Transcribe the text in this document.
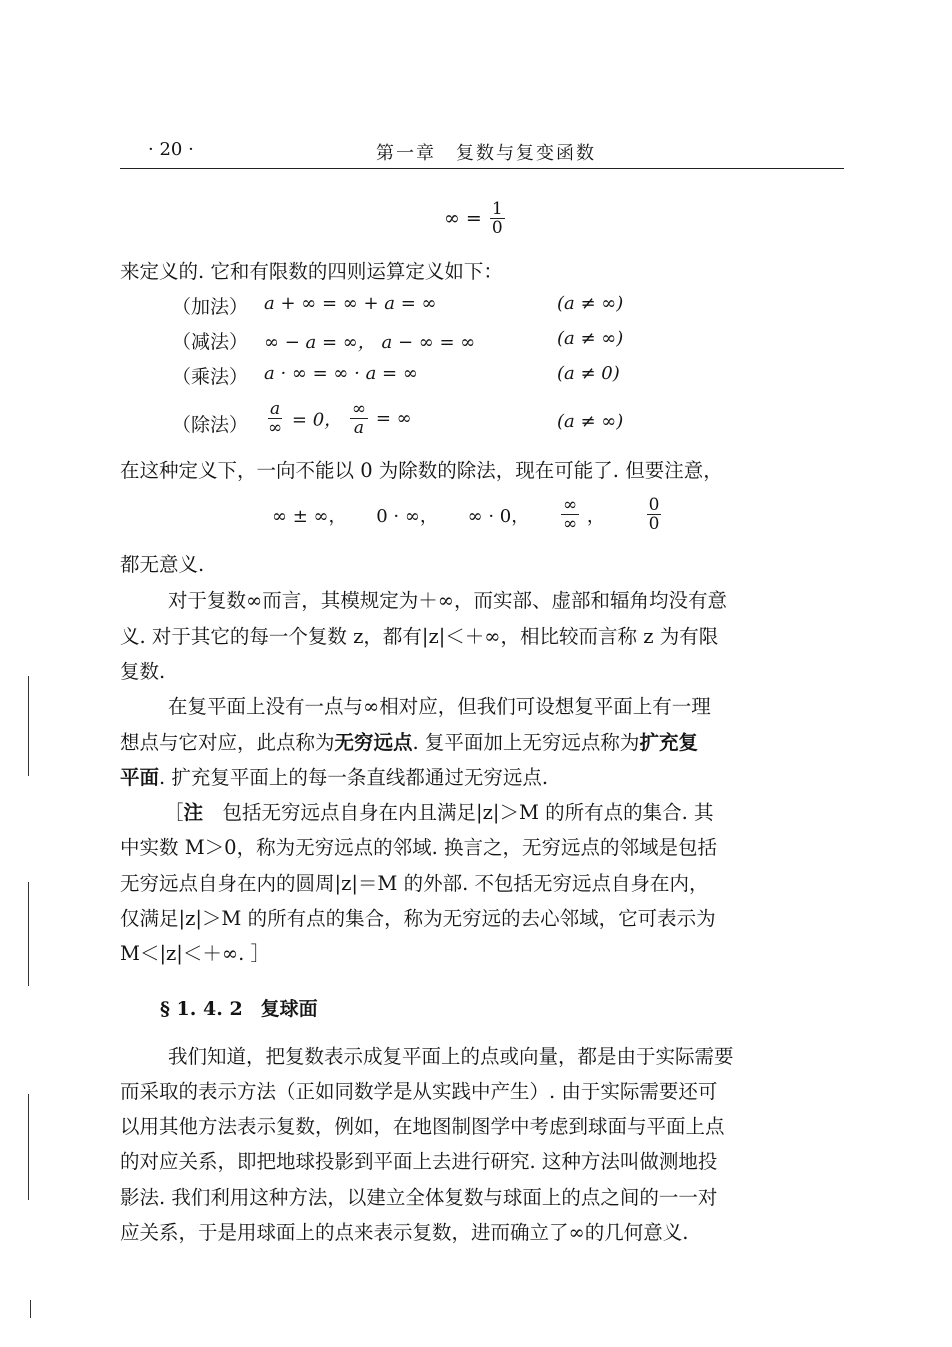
· 20 ·	第一章　复数与复变函数
∞ = $\frac{1}{0}$
来定义的. 它和有限数的四则运算定义如下：
（加法） a + ∞ = ∞ + a = ∞	(a ≠ ∞)
（减法） ∞ − a = ∞， a − ∞ = ∞	(a ≠ ∞)
（乘法） a · ∞ = ∞ · a = ∞	(a ≠ 0)
（除法） $\frac{a}{\infty} = 0$， $\frac{\infty}{a}$ = ∞	(a ≠ ∞)
在这种定义下，一向不能以 0 为除数的除法，现在可能了. 但要注意，
∞ ± ∞， 0 · ∞， ∞ · 0， $\frac{\infty}{\infty}$ ， $\frac{0}{0}$
都无意义.
对于复数∞而言，其模规定为＋∞，而实部、虚部和辐角均没有意
义. 对于其它的每一个复数 z，都有|z|＜＋∞，相比较而言称 z 为有限
复数.
在复平面上没有一点与∞相对应，但我们可设想复平面上有一理
想点与它对应，此点称为无穷远点. 复平面加上无穷远点称为扩充复
平面. 扩充复平面上的每一条直线都通过无穷远点.
［注　包括无穷远点自身在内且满足|z|＞M 的所有点的集合. 其
中实数 M＞0，称为无穷远点的邻域. 换言之，无穷远点的邻域是包括
无穷远点自身在内的圆周|z|＝M 的外部. 不包括无穷远点自身在内，
仅满足|z|＞M 的所有点的集合，称为无穷远的去心邻域，它可表示为
M＜|z|＜＋∞. ］
§ 1. 4. 2 复球面
我们知道，把复数表示成复平面上的点或向量，都是由于实际需要
而采取的表示方法（正如同数学是从实践中产生）. 由于实际需要还可
以用其他方法表示复数，例如，在地图制图学中考虑到球面与平面上点
的对应关系，即把地球投影到平面上去进行研究. 这种方法叫做测地投
影法. 我们利用这种方法，以建立全体复数与球面上的点之间的一一对
应关系，于是用球面上的点来表示复数，进而确立了∞的几何意义.
